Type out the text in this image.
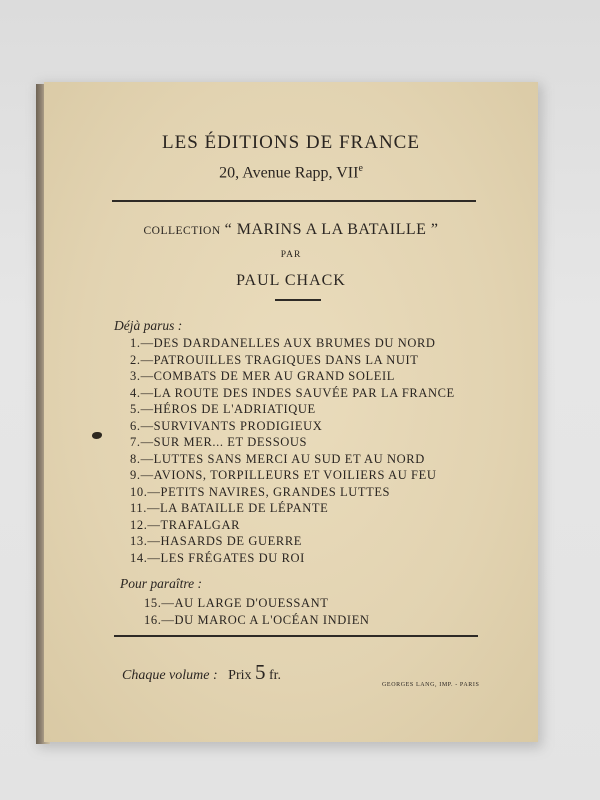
LES ÉDITIONS DE FRANCE
20, Avenue Rapp, VIIe
COLLECTION “ MARINS A LA BATAILLE ”
PAR
PAUL CHACK
Déjà parus :
1.—DES DARDANELLES AUX BRUMES DU NORD
2.—PATROUILLES TRAGIQUES DANS LA NUIT
3.—COMBATS DE MER AU GRAND SOLEIL
4.—LA ROUTE DES INDES SAUVÉE PAR LA FRANCE
5.—HÉROS DE L'ADRIATIQUE
6.—SURVIVANTS PRODIGIEUX
7.—SUR MER... ET DESSOUS
8.—LUTTES SANS MERCI AU SUD ET AU NORD
9.—AVIONS, TORPILLEURS ET VOILIERS AU FEU
10.—PETITS NAVIRES, GRANDES LUTTES
11.—LA BATAILLE DE LÉPANTE
12.—TRAFALGAR
13.—HASARDS DE GUERRE
14.—LES FRÉGATES DU ROI
Pour paraître :
15.—AU LARGE D'OUESSANT
16.—DU MAROC A L'OCÉAN INDIEN
Chaque volume : Prix 5 fr.
GEORGES LANG, IMP. - PARIS
